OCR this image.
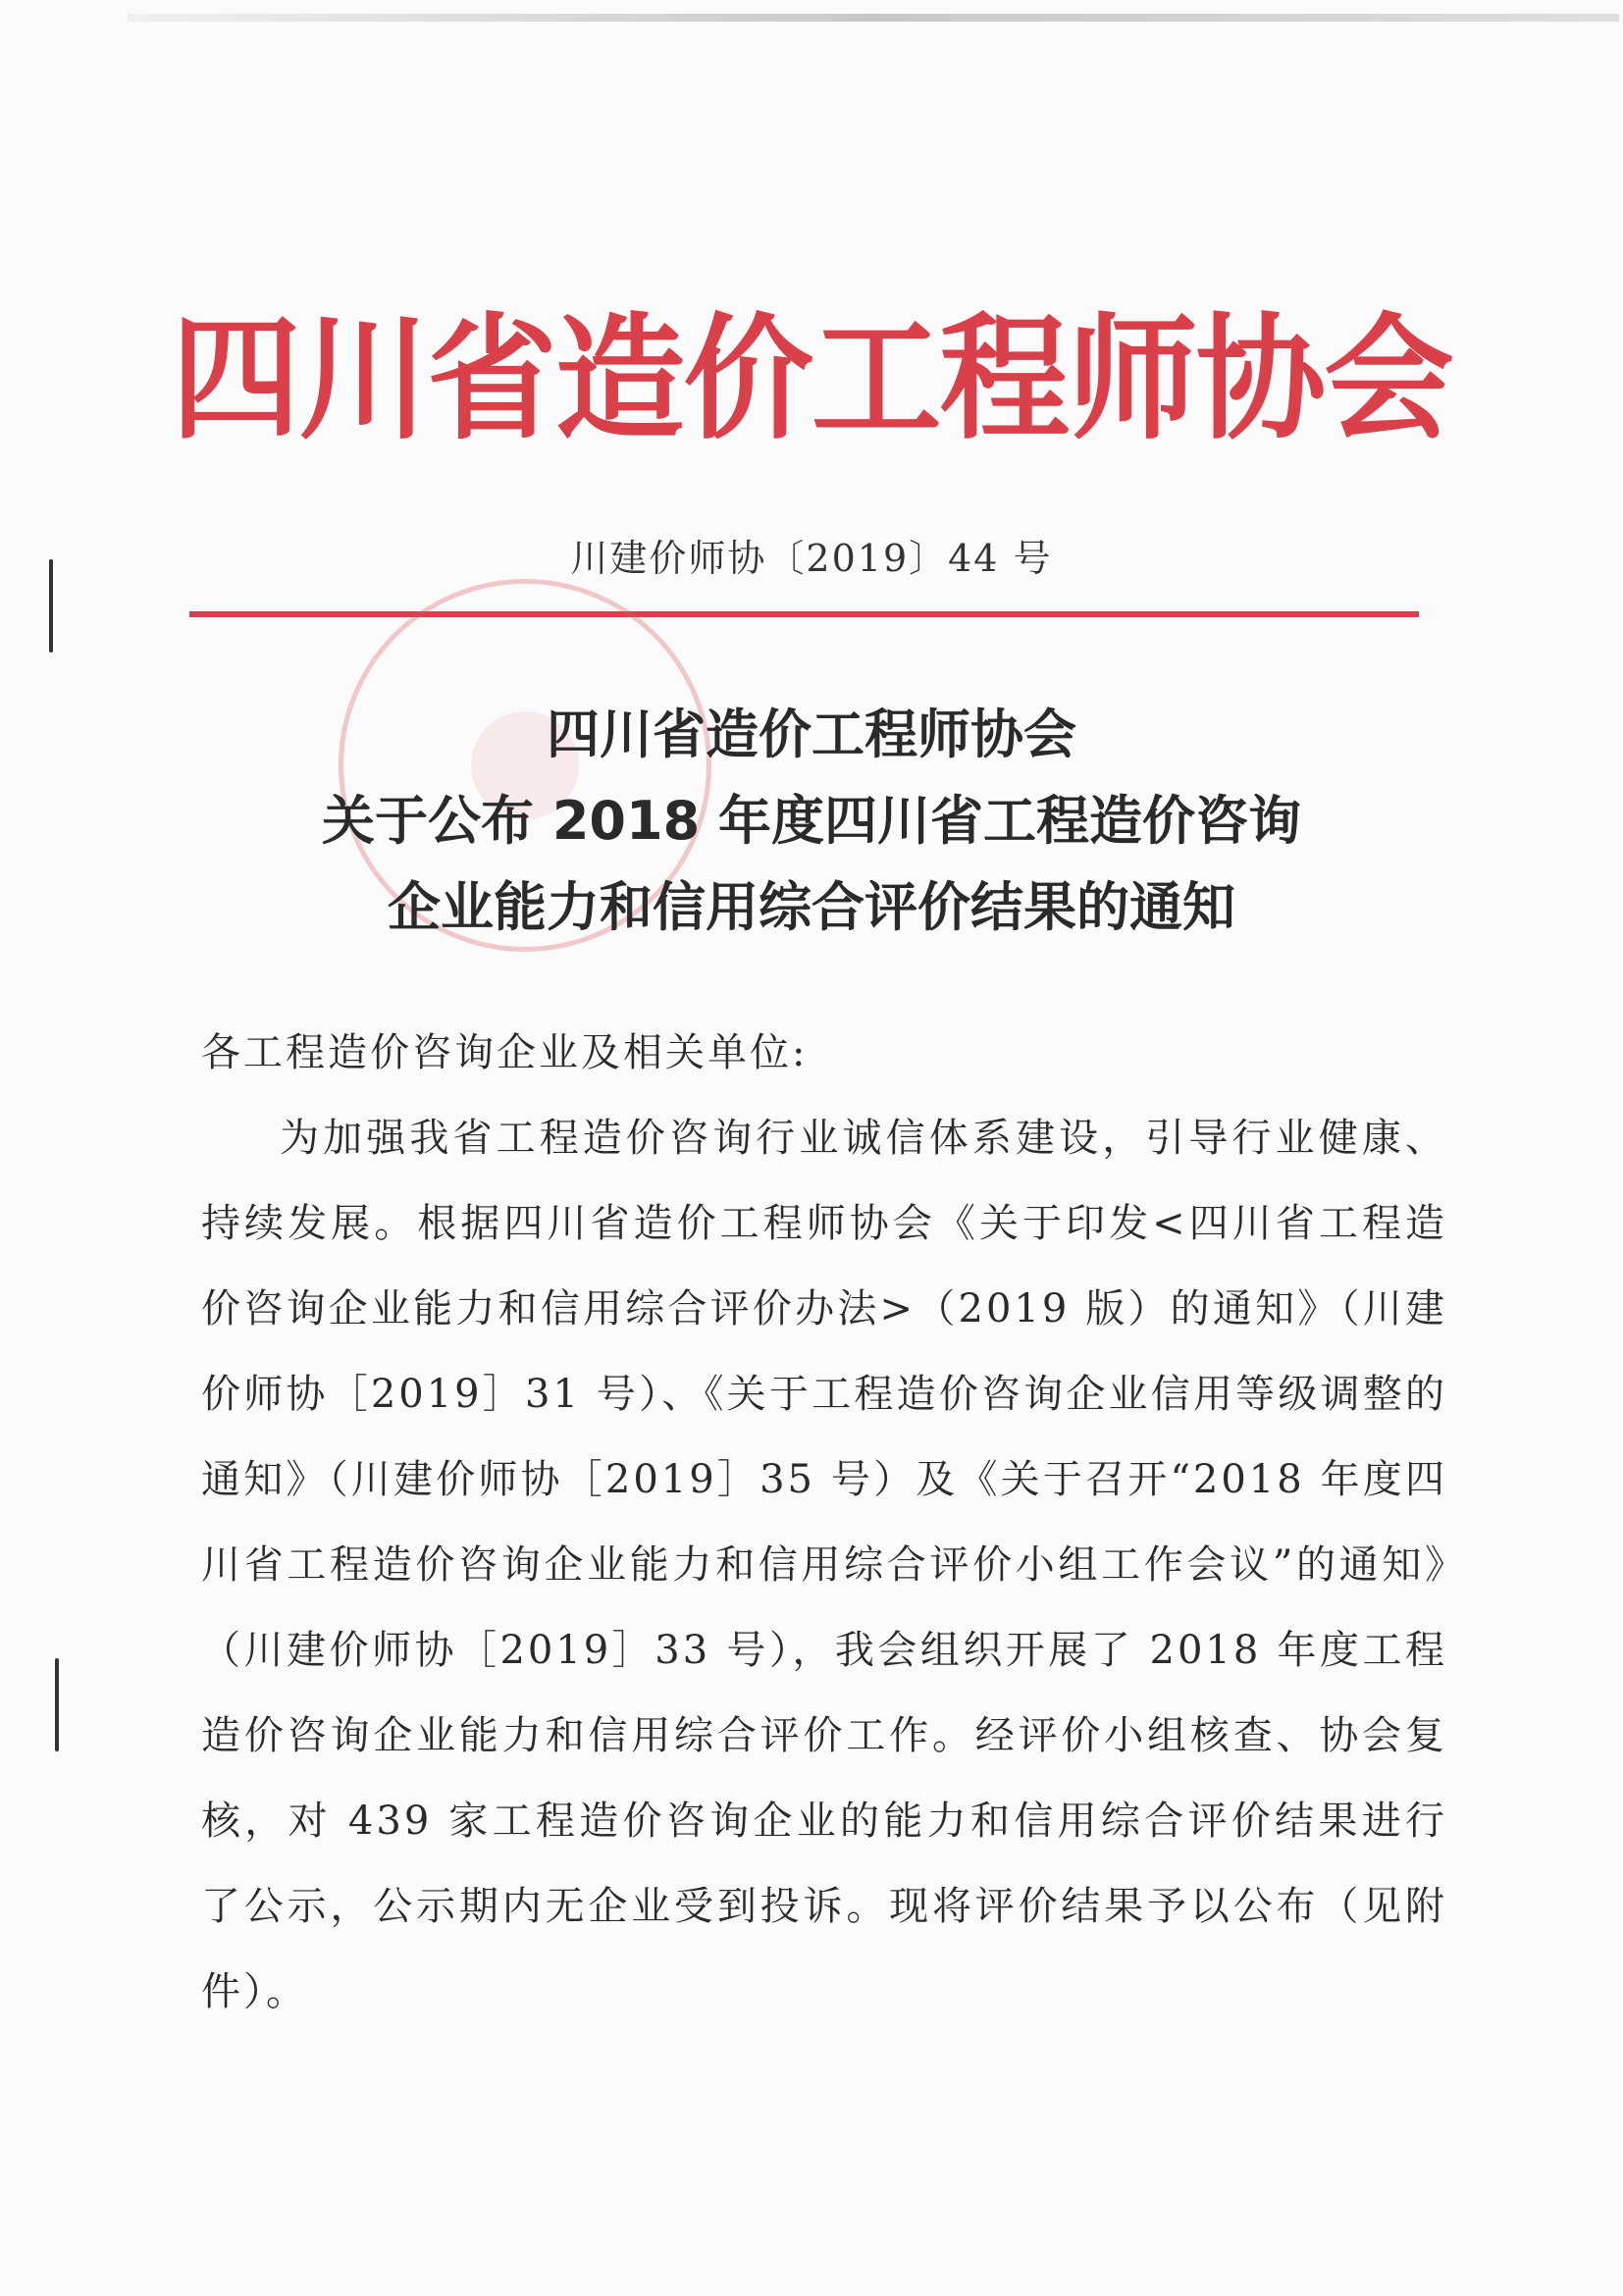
四川省造价工程师协会
川建价师协〔2019〕44 号
四川省造价工程师协会
关于公布 2018 年度四川省工程造价咨询
企业能力和信用综合评价结果的通知

各工程造价咨询企业及相关单位:

为加强我省工程造价咨询行业诚信体系建设，引导行业健康、持续发展。根据四川省造价工程师协会《关于印发<四川省工程造价咨询企业能力和信用综合评价办法>（2019 版）的通知》（川建价师协［2019］31 号）、《关于工程造价咨询企业信用等级调整的通知》（川建价师协［2019］35 号）及《关于召开“2018 年度四川省工程造价咨询企业能力和信用综合评价小组工作会议”的通知》（川建价师协［2019］33 号），我会组织开展了 2018 年度工程造价咨询企业能力和信用综合评价工作。经评价小组核查、协会复核，对 439 家工程造价咨询企业的能力和信用综合评价结果进行了公示，公示期内无企业受到投诉。现将评价结果予以公布（见附件）。
